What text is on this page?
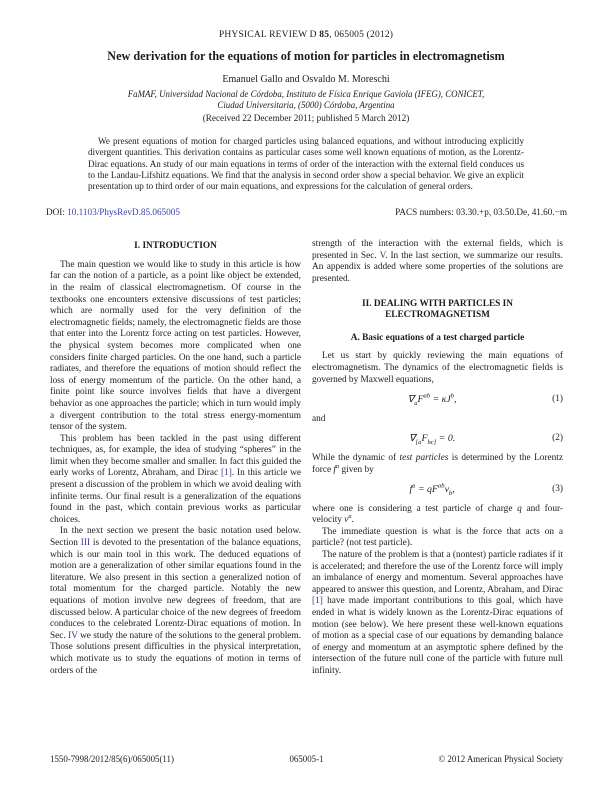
PHYSICAL REVIEW D 85, 065005 (2012)
New derivation for the equations of motion for particles in electromagnetism
Emanuel Gallo and Osvaldo M. Moreschi
FaMAF, Universidad Nacional de Córdoba, Instituto de Física Enrique Gaviola (IFEG), CONICET,
Ciudad Universitaria, (5000) Córdoba, Argentina
(Received 22 December 2011; published 5 March 2012)
We present equations of motion for charged particles using balanced equations, and without introducing explicitly divergent quantities. This derivation contains as particular cases some well known equations of motion, as the Lorentz-Dirac equations. An study of our main equations in terms of order of the interaction with the external field conduces us to the Landau-Lifshitz equations. We find that the analysis in second order show a special behavior. We give an explicit presentation up to third order of our main equations, and expressions for the calculation of general orders.
DOI: 10.1103/PhysRevD.85.065005	PACS numbers: 03.30.+p, 03.50.De, 41.60.−m
I. INTRODUCTION

The main question we would like to study in this article is how far can the notion of a particle, as a point like object be extended, in the realm of classical electromagnetism. Of course in the textbooks one encounters extensive discussions of test particles; which are normally used for the very definition of the electromagnetic fields; namely, the electromagnetic fields are those that enter into the Lorentz force acting on test particles. However, the physical system becomes more complicated when one considers finite charged particles. On the one hand, such a particle radiates, and therefore the equations of motion should reflect the loss of energy momentum of the particle. On the other hand, a finite point like source involves fields that have a divergent behavior as one approaches the particle; which in turn would imply a divergent contribution to the total stress energy-momentum tensor of the system.

This problem has been tackled in the past using different techniques, as, for example, the idea of studying “spheres” in the limit when they become smaller and smaller. In fact this guided the early works of Lorentz, Abraham, and Dirac [1]. In this article we present a discussion of the problem in which we avoid dealing with infinite terms. Our final result is a generalization of the equations found in the past, which contain previous works as particular choices.

In the next section we present the basic notation used below. Section III is devoted to the presentation of the balance equations, which is our main tool in this work. The deduced equations of motion are a generalization of other similar equations found in the literature. We also present in this section a generalized notion of total momentum for the charged particle. Notably the new equations of motion involve new degrees of freedom, that are discussed below. A particular choice of the new degrees of freedom conduces to the celebrated Lorentz-Dirac equations of motion. In Sec. IV we study the nature of the solutions to the general problem. Those solutions present difficulties in the physical interpretation, which motivate us to study the equations of motion in terms of orders of the

strength of the interaction with the external fields, which is presented in Sec. V. In the last section, we summarize our results. An appendix is added where some properties of the solutions are presented.

II. DEALING WITH PARTICLES IN ELECTROMAGNETISM
A. Basic equations of a test charged particle

Let us start by quickly reviewing the main equations of electromagnetism. The dynamics of the electromagnetic fields is governed by Maxwell equations,

$\nabla_aF^{ab} = \kappa J^b$,	(1)

and

$\nabla_{[a}F_{bc]} = 0$.	(2)

While the dynamic of test particles is determined by the Lorentz force $f^a$ given by

$f^a = qF^{ab}v_b$,	(3)

where one is considering a test particle of charge q and four-velocity $v^a$.

The immediate question is what is the force that acts on a particle? (not test particle).

The nature of the problem is that a (nontest) particle radiates if it is accelerated; and therefore the use of the Lorentz force will imply an imbalance of energy and momentum. Several approaches have appeared to answer this question, and Lorentz, Abraham, and Dirac [1] have made important contributions to this goal, which have ended in what is widely known as the Lorentz-Dirac equations of motion (see below). We here present these well-known equations of motion as a special case of our equations by demanding balance of energy and momentum at an asymptotic sphere defined by the intersection of the future null cone of the particle with future null infinity.

1550-7998/2012/85(6)/065005(11)	065005-1	© 2012 American Physical Society
